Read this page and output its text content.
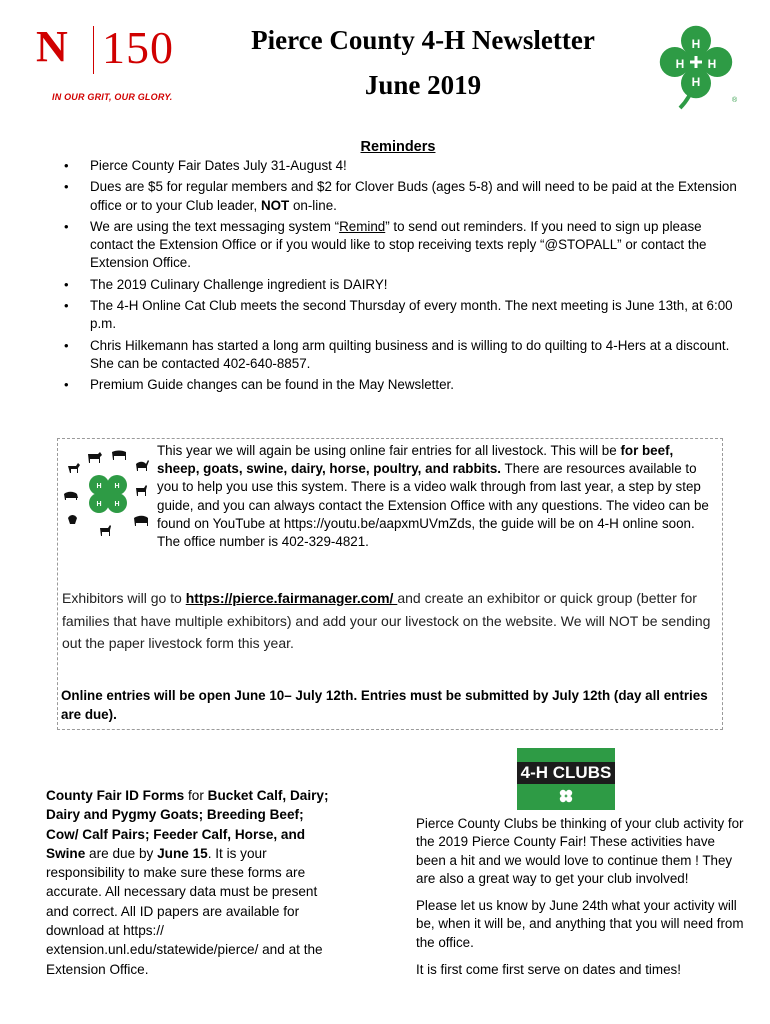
N 150
IN OUR GRIT, OUR GLORY.
Pierce County 4-H Newsletter
June 2019
H
H H
H
®
Reminders
• Pierce County Fair Dates July 31-August 4!
• Dues are $5 for regular members and $2 for Clover Buds (ages 5-8) and will need to be paid at the Extension office or to your Club leader, NOT on-line.
• We are using the text messaging system “Remind” to send out reminders. If you need to sign up please contact the Extension Office or if you would like to stop receiving texts reply “@STOPALL” or contact the Extension Office.
• The 2019 Culinary Challenge ingredient is DAIRY!
• The 4-H Online Cat Club meets the second Thursday of every month. The next meeting is June 13th, at 6:00 p.m.
• Chris Hilkemann has started a long arm quilting business and is willing to do quilting to 4-Hers at a discount. She can be contacted 402-640-8857.
• Premium Guide changes can be found in the May Newsletter.
H H
H H
This year we will again be using online fair entries for all livestock. This will be for beef, sheep, goats, swine, dairy, horse, poultry, and rabbits. There are resources available to you to help you use this system. There is a video walk through from last year, a step by step guide, and you can always contact the Extension Office with any questions. The video can be found on YouTube at https://youtu.be/aapxmUVmZds, the guide will be on 4-H online soon. The office number is 402-329-4821.
Exhibitors will go to https://pierce.fairmanager.com/ and create an exhibitor or quick group (better for families that have multiple exhibitors) and add your our livestock on the website. We will NOT be sending out the paper livestock form this year.
Online entries will be open June 10– July 12th. Entries must be submitted by July 12th (day all entries are due).
County Fair ID Forms for Bucket Calf, Dairy; Dairy and Pygmy Goats; Breeding Beef; Cow/ Calf Pairs; Feeder Calf, Horse, and Swine are due by June 15. It is your responsibility to make sure these forms are accurate. All necessary data must be present and correct. All ID papers are available for download at https:// extension.unl.edu/statewide/pierce/ and at the Extension Office.
4-H CLUBS

Pierce County Clubs be thinking of your club activity for the 2019 Pierce County Fair! These activities have been a hit and we would love to continue them ! They are also a great way to get your club involved!

Please let us know by June 24th what your activity will be, when it will be, and anything that you will need from the office.

It is first come first serve on dates and times!
